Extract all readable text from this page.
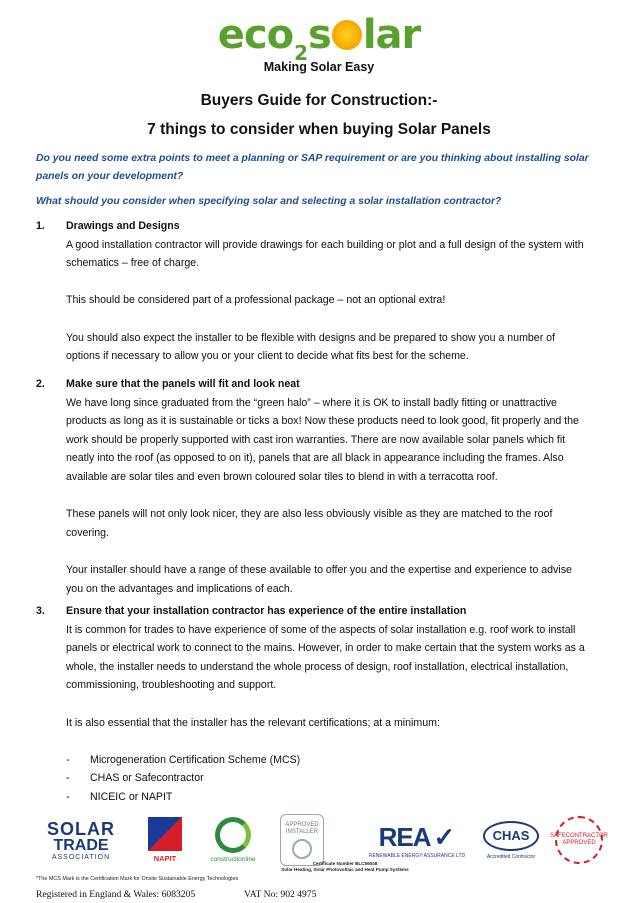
eco$_2$s lar
Making Solar Easy
Buyers Guide for Construction:-
7 things to consider when buying Solar Panels
Do you need some extra points to meet a planning or SAP requirement or are you thinking about installing solar panels on your development?
What should you consider when specifying solar and selecting a solar installation contractor?
1. Drawings and Designs

A good installation contractor will provide drawings for each building or plot and a full design of the system with schematics – free of charge.

This should be considered part of a professional package – not an optional extra!

You should also expect the installer to be flexible with designs and be prepared to show you a number of options if necessary to allow you or your client to decide what fits best for the scheme.

2. Make sure that the panels will fit and look neat

We have long since graduated from the “green halo” – where it is OK to install badly fitting or unattractive products as long as it is sustainable or ticks a box! Now these products need to look good, fit properly and the work should be properly supported with cast iron warranties. There are now available solar panels which fit neatly into the roof (as opposed to on it), panels that are all black in appearance including the frames. Also available are solar tiles and even brown coloured solar tiles to blend in with a terracotta roof.

These panels will not only look nicer, they are also less obviously visible as they are matched to the roof covering.

Your installer should have a range of these available to offer you and the expertise and experience to advise you on the advantages and implications of each.

3. Ensure that your installation contractor has experience of the entire installation

It is common for trades to have experience of some of the aspects of solar installation e.g. roof work to install panels or electrical work to connect to the mains. However, in order to make certain that the system works as a whole, the installer needs to understand the whole process of design, roof installation, electrical installation, commissioning, troubleshooting and support.

It is also essential that the installer has the relevant certifications; at a minimum:

- Microgeneration Certification Scheme (MCS)
- CHAS or Safecontractor
- NICEIC or NAPIT
SOLAR
TRADE
ASSOCIATION	NAPIT	constructionline
APPROVED INSTALLER REA ✓
RENEWABLE ENERGY ASSURANCE LTD
CHAS
Accredited Contractor
SAFECONTRACTOR APPROVED
Certificate Number BLC56048
Solar Heating, Solar Photovoltaic and Heat Pump Systems
*The MCS Mark is the Certification Mark for Onsite Sustainable Energy Technologies
Registered in England & Wales: 6083205	VAT No: 902 4975
